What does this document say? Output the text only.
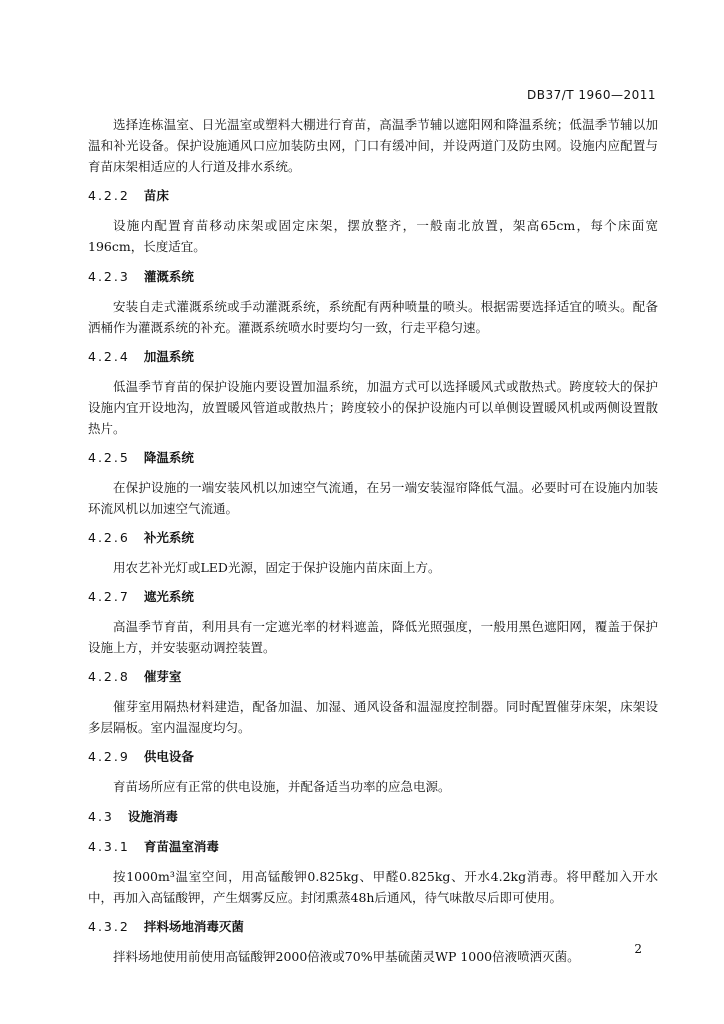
DB37/T 1960—2011

选择连栋温室、日光温室或塑料大棚进行育苗，高温季节辅以遮阳网和降温系统；低温季节辅以加温和补光设备。保护设施通风口应加装防虫网，门口有缓冲间，并设两道门及防虫网。设施内应配置与育苗床架相适应的人行道及排水系统。

4.2.2 苗床

设施内配置育苗移动床架或固定床架，摆放整齐，一般南北放置，架高65cm，每个床面宽196cm，长度适宜。

4.2.3 灌溉系统

安装自走式灌溉系统或手动灌溉系统，系统配有两种喷量的喷头。根据需要选择适宜的喷头。配备洒桶作为灌溉系统的补充。灌溉系统喷水时要均匀一致，行走平稳匀速。

4.2.4 加温系统

低温季节育苗的保护设施内要设置加温系统，加温方式可以选择暖风式或散热式。跨度较大的保护设施内宜开设地沟，放置暖风管道或散热片；跨度较小的保护设施内可以单侧设置暖风机或两侧设置散热片。

4.2.5 降温系统

在保护设施的一端安装风机以加速空气流通，在另一端安装湿帘降低气温。必要时可在设施内加装环流风机以加速空气流通。

4.2.6 补光系统

用农艺补光灯或LED光源，固定于保护设施内苗床面上方。

4.2.7 遮光系统

高温季节育苗，利用具有一定遮光率的材料遮盖，降低光照强度，一般用黑色遮阳网，覆盖于保护设施上方，并安装驱动调控装置。

4.2.8 催芽室

催芽室用隔热材料建造，配备加温、加湿、通风设备和温湿度控制器。同时配置催芽床架，床架设多层隔板。室内温湿度均匀。

4.2.9 供电设备

育苗场所应有正常的供电设施，并配备适当功率的应急电源。

4.3 设施消毒
4.3.1 育苗温室消毒

按1000m³温室空间，用高锰酸钾0.825kg、甲醛0.825kg、开水4.2kg消毒。将甲醛加入开水中，再加入高锰酸钾，产生烟雾反应。封闭熏蒸48h后通风，待气味散尽后即可使用。

4.3.2 拌料场地消毒灭菌

拌料场地使用前使用高锰酸钾2000倍液或70%甲基硫菌灵WP 1000倍液喷洒灭菌。	2
